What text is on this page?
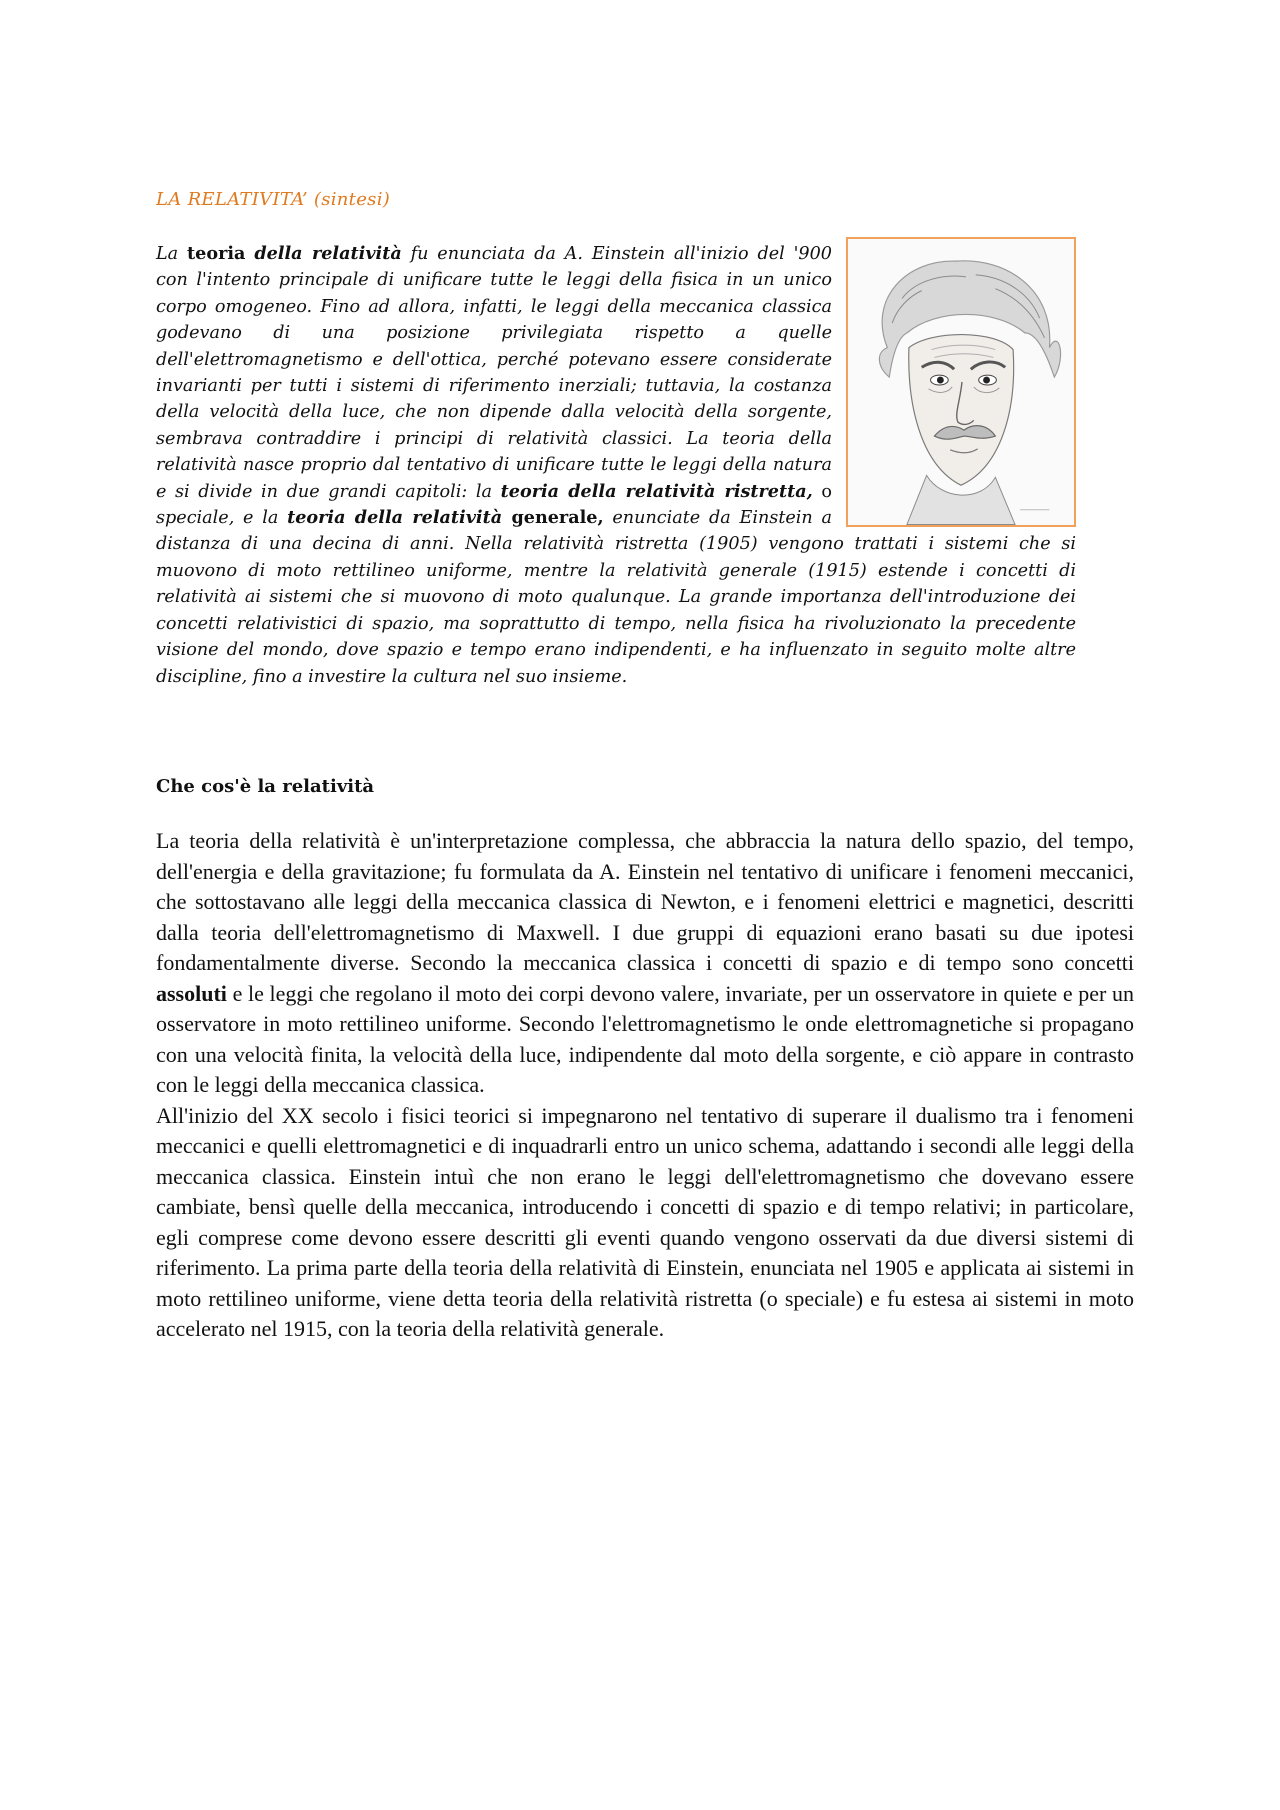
LA RELATIVITA’ (sintesi)

La teoria della relatività fu enunciata da A. Einstein all'inizio del '900 con l'intento principale di unificare tutte le leggi della fisica in un unico corpo omogeneo. Fino ad allora, infatti, le leggi della meccanica classica godevano di una posizione privilegiata rispetto a quelle dell'elettromagnetismo e dell'ottica, perché potevano essere considerate invarianti per tutti i sistemi di riferimento inerziali; tuttavia, la costanza della velocità della luce, che non dipende dalla velocità della sorgente, sembrava contraddire i principi di relatività classici. La teoria della relatività nasce proprio dal tentativo di unificare tutte le leggi della natura e si divide in due grandi capitoli: la teoria della relatività ristretta, o speciale, e la teoria della relatività generale, enunciate da Einstein a distanza di una decina di anni. Nella relatività ristretta (1905) vengono trattati i sistemi che si muovono di moto rettilineo uniforme, mentre la relatività generale (1915) estende i concetti di relatività ai sistemi che si muovono di moto qualunque. La grande importanza dell'introduzione dei concetti relativistici di spazio, ma soprattutto di tempo, nella fisica ha rivoluzionato la precedente visione del mondo, dove spazio e tempo erano indipendenti, e ha influenzato in seguito molte altre discipline, fino a investire la cultura nel suo insieme.

Che cos'è la relatività

La teoria della relatività è un'interpretazione complessa, che abbraccia la natura dello spazio, del tempo, dell'energia e della gravitazione; fu formulata da A. Einstein nel tentativo di unificare i fenomeni meccanici, che sottostavano alle leggi della meccanica classica di Newton, e i fenomeni elettrici e magnetici, descritti dalla teoria dell'elettromagnetismo di Maxwell. I due gruppi di equazioni erano basati su due ipotesi fondamentalmente diverse. Secondo la meccanica classica i concetti di spazio e di tempo sono concetti assoluti e le leggi che regolano il moto dei corpi devono valere, invariate, per un osservatore in quiete e per un osservatore in moto rettilineo uniforme. Secondo l'elettromagnetismo le onde elettromagnetiche si propagano con una velocità finita, la velocità della luce, indipendente dal moto della sorgente, e ciò appare in contrasto con le leggi della meccanica classica.

All'inizio del XX secolo i fisici teorici si impegnarono nel tentativo di superare il dualismo tra i fenomeni meccanici e quelli elettromagnetici e di inquadrarli entro un unico schema, adattando i secondi alle leggi della meccanica classica. Einstein intuì che non erano le leggi dell'elettromagnetismo che dovevano essere cambiate, bensì quelle della meccanica, introducendo i concetti di spazio e di tempo relativi; in particolare, egli comprese come devono essere descritti gli eventi quando vengono osservati da due diversi sistemi di riferimento. La prima parte della teoria della relatività di Einstein, enunciata nel 1905 e applicata ai sistemi in moto rettilineo uniforme, viene detta teoria della relatività ristretta (o speciale) e fu estesa ai sistemi in moto accelerato nel 1915, con la teoria della relatività generale.
